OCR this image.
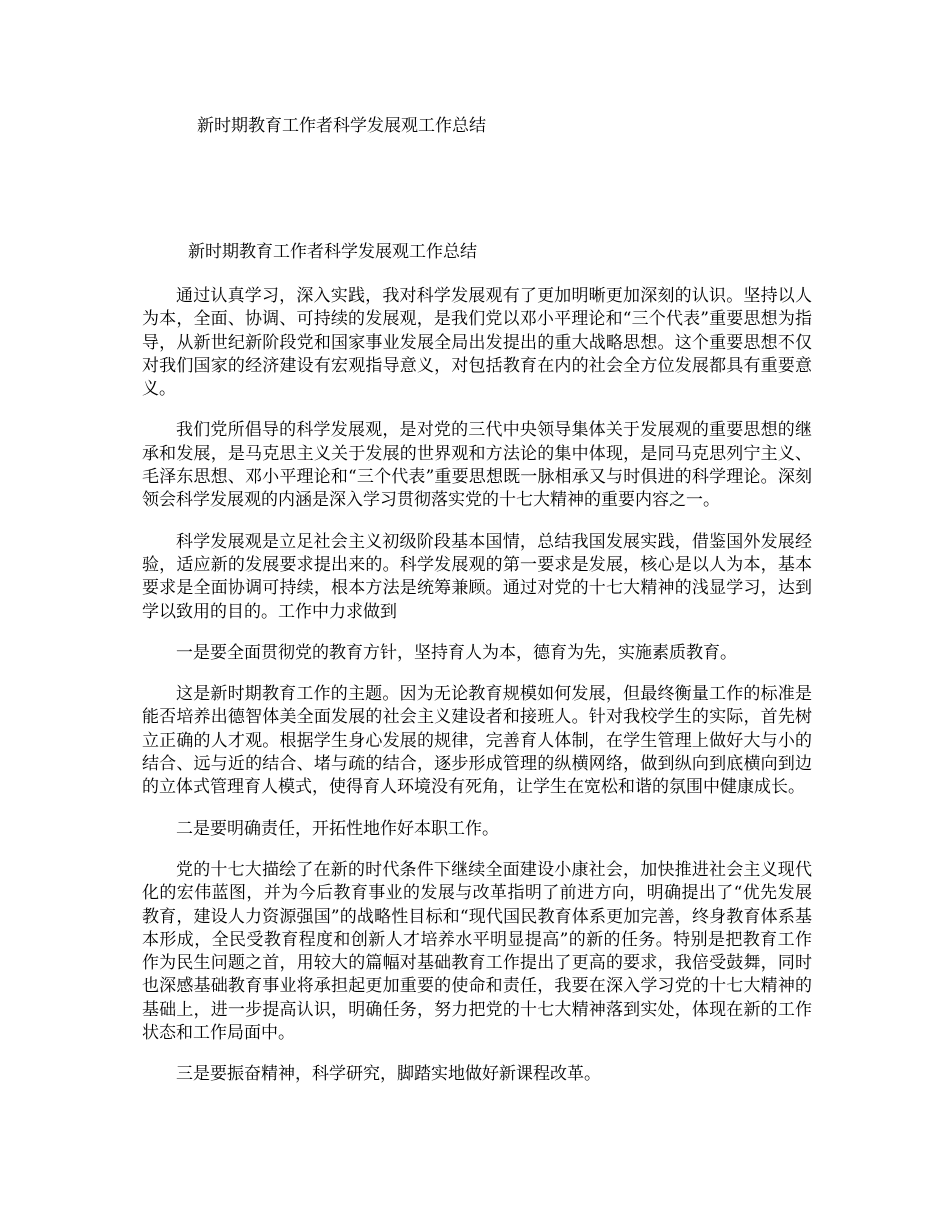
新时期教育工作者科学发展观工作总结
新时期教育工作者科学发展观工作总结

通过认真学习，深入实践，我对科学发展观有了更加明晰更加深刻的认识。坚持以人为本，全面、协调、可持续的发展观，是我们党以邓小平理论和“三个代表”重要思想为指导，从新世纪新阶段党和国家事业发展全局出发提出的重大战略思想。这个重要思想不仅对我们国家的经济建设有宏观指导意义，对包括教育在内的社会全方位发展都具有重要意义。

我们党所倡导的科学发展观，是对党的三代中央领导集体关于发展观的重要思想的继承和发展，是马克思主义关于发展的世界观和方法论的集中体现，是同马克思列宁主义、毛泽东思想、邓小平理论和“三个代表”重要思想既一脉相承又与时俱进的科学理论。深刻领会科学发展观的内涵是深入学习贯彻落实党的十七大精神的重要内容之一。

科学发展观是立足社会主义初级阶段基本国情，总结我国发展实践，借鉴国外发展经验，适应新的发展要求提出来的。科学发展观的第一要求是发展，核心是以人为本，基本要求是全面协调可持续，根本方法是统筹兼顾。通过对党的十七大精神的浅显学习，达到学以致用的目的。工作中力求做到

一是要全面贯彻党的教育方针，坚持育人为本，德育为先，实施素质教育。

这是新时期教育工作的主题。因为无论教育规模如何发展，但最终衡量工作的标准是能否培养出德智体美全面发展的社会主义建设者和接班人。针对我校学生的实际，首先树立正确的人才观。根据学生身心发展的规律，完善育人体制，在学生管理上做好大与小的结合、远与近的结合、堵与疏的结合，逐步形成管理的纵横网络，做到纵向到底横向到边的立体式管理育人模式，使得育人环境没有死角，让学生在宽松和谐的氛围中健康成长。

二是要明确责任，开拓性地作好本职工作。

党的十七大描绘了在新的时代条件下继续全面建设小康社会，加快推进社会主义现代化的宏伟蓝图，并为今后教育事业的发展与改革指明了前进方向，明确提出了“优先发展教育，建设人力资源强国”的战略性目标和“现代国民教育体系更加完善，终身教育体系基本形成，全民受教育程度和创新人才培养水平明显提高”的新的任务。特别是把教育工作作为民生问题之首，用较大的篇幅对基础教育工作提出了更高的要求，我倍受鼓舞，同时也深感基础教育事业将承担起更加重要的使命和责任，我要在深入学习党的十七大精神的基础上，进一步提高认识，明确任务，努力把党的十七大精神落到实处，体现在新的工作状态和工作局面中。

三是要振奋精神，科学研究，脚踏实地做好新课程改革。
